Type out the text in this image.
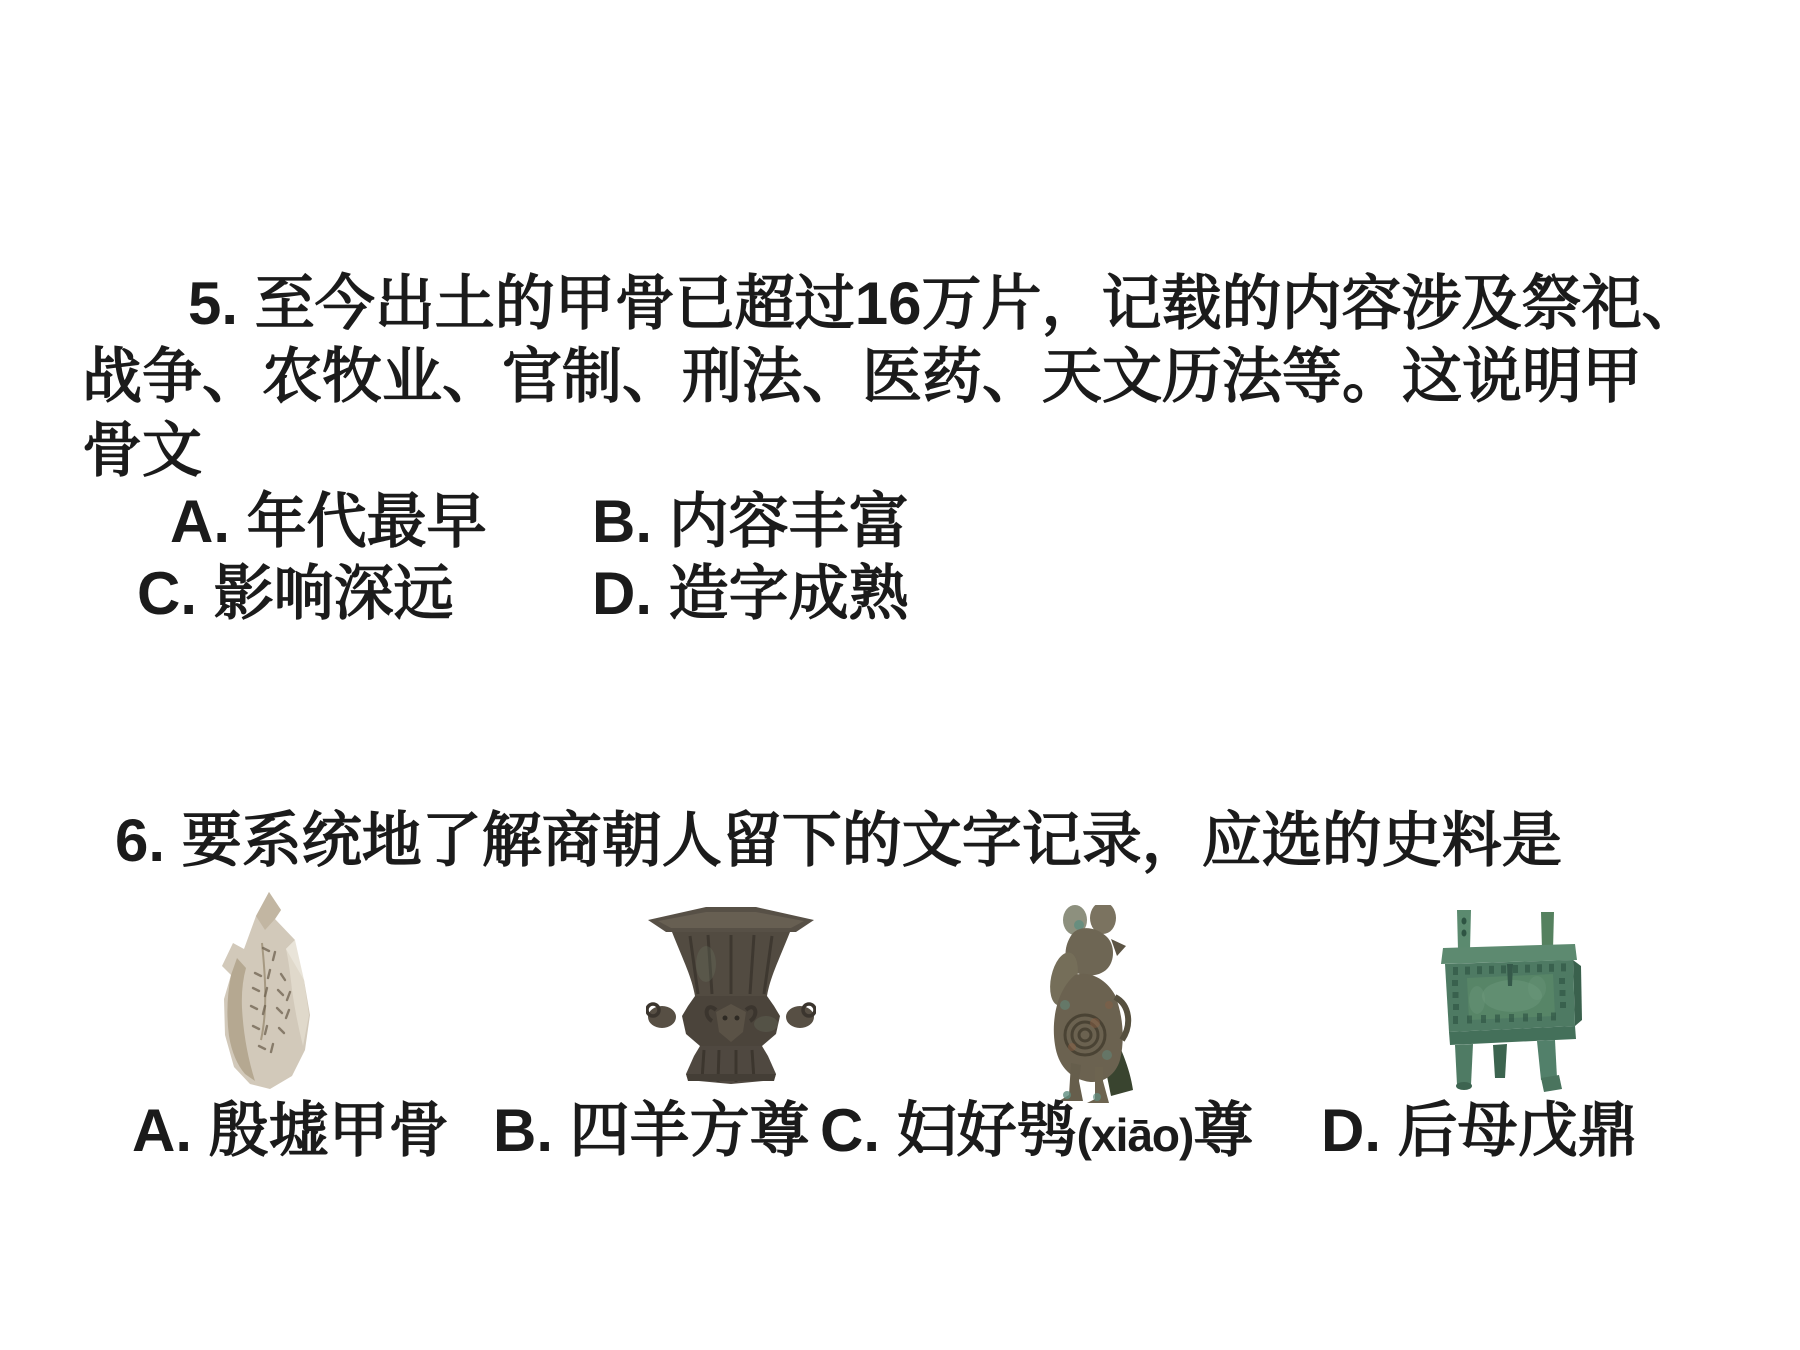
5. 至今出土的甲骨已超过16万片，记载的内容涉及祭祀、
战争、农牧业、官制、刑法、医药、天文历法等。这说明甲
骨文
A. 年代最早 B. 内容丰富
C. 影响深远 D. 造字成熟
6. 要系统地了解商朝人留下的文字记录，应选的史料是
A. 殷墟甲骨 B. 四羊方尊 C. 妇好鸮(xiāo)尊 D. 后母戊鼎
